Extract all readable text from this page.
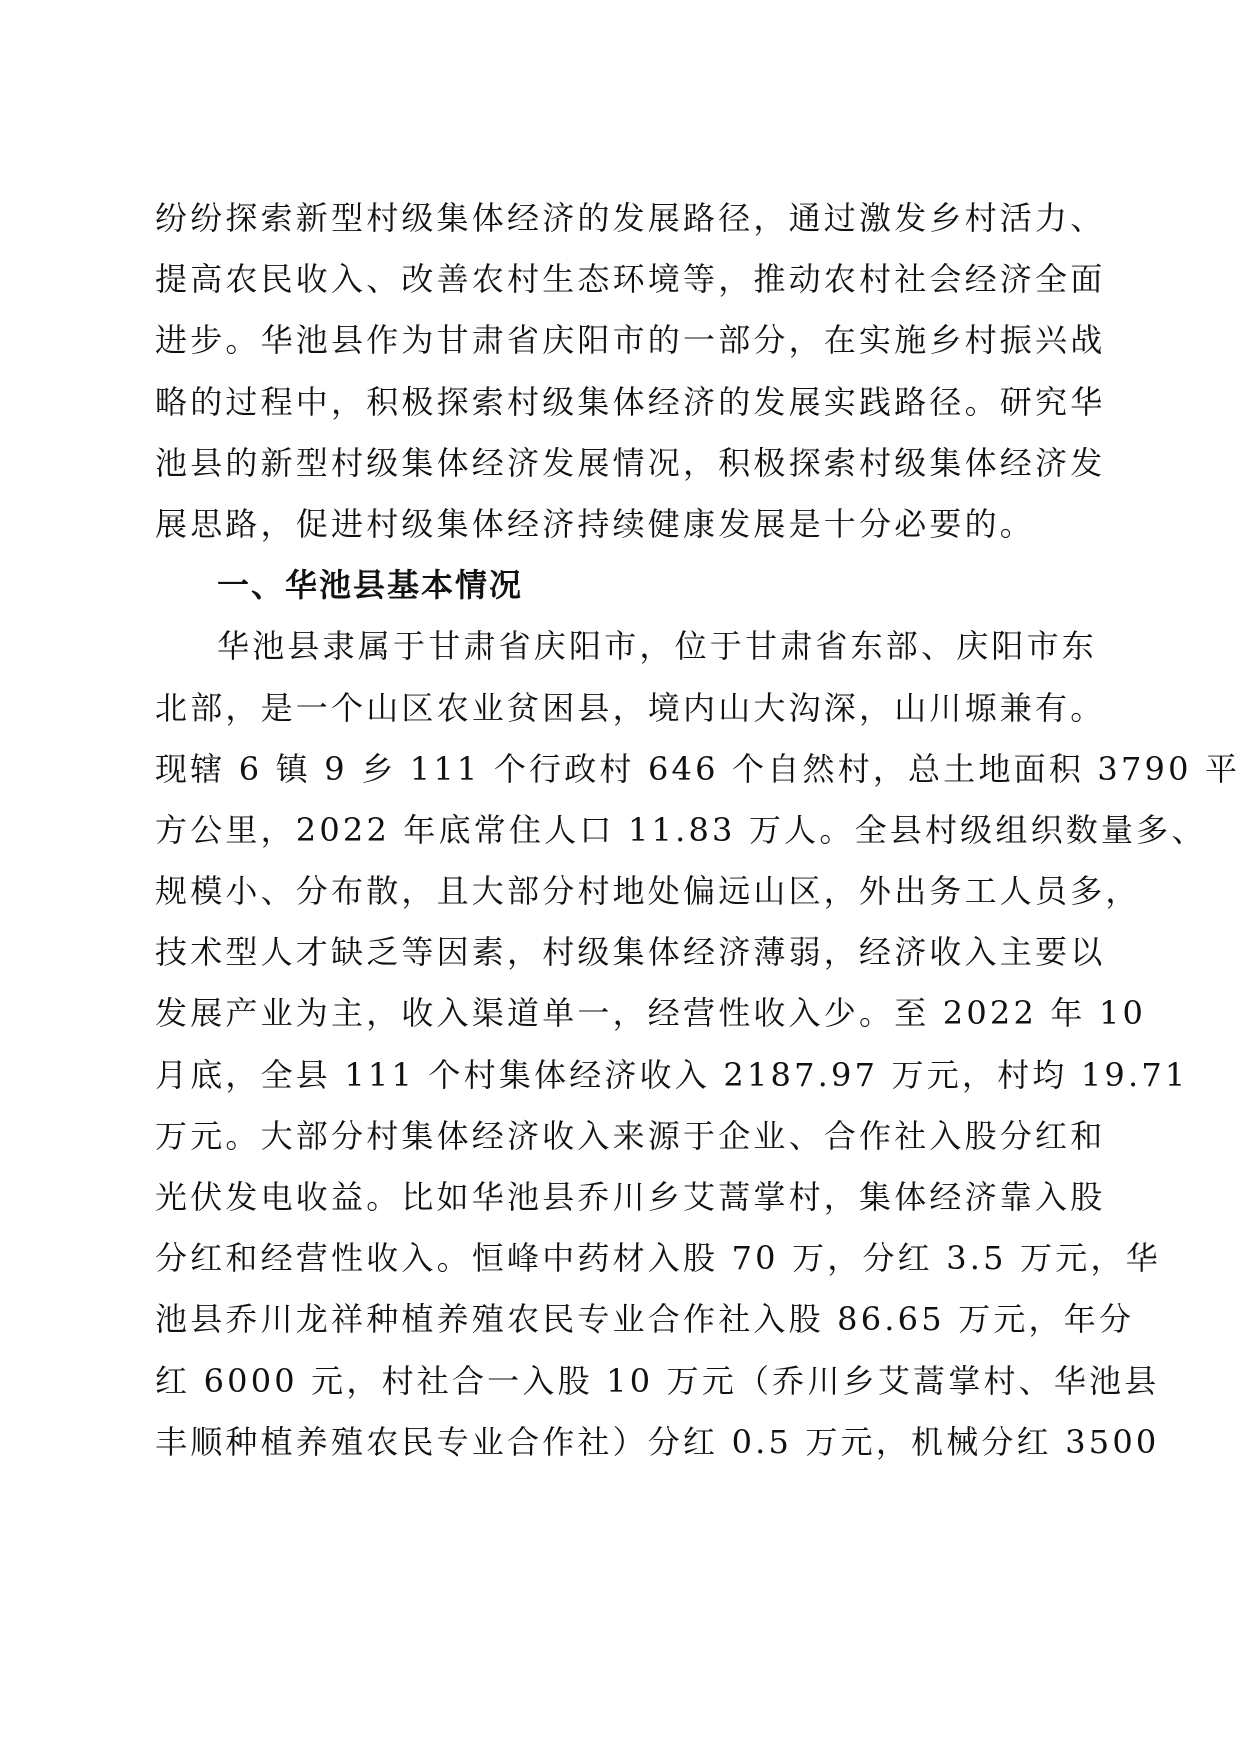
纷纷探索新型村级集体经济的发展路径，通过激发乡村活力、
提高农民收入、改善农村生态环境等，推动农村社会经济全面
进步。华池县作为甘肃省庆阳市的一部分，在实施乡村振兴战
略的过程中，积极探索村级集体经济的发展实践路径。研究华
池县的新型村级集体经济发展情况，积极探索村级集体经济发
展思路，促进村级集体经济持续健康发展是十分必要的。
一、华池县基本情况
华池县隶属于甘肃省庆阳市，位于甘肃省东部、庆阳市东
北部，是一个山区农业贫困县，境内山大沟深，山川塬兼有。
现辖 6 镇 9 乡 111 个行政村 646 个自然村，总土地面积 3790 平
方公里，2022 年底常住人口 11.83 万人。全县村级组织数量多、
规模小、分布散，且大部分村地处偏远山区，外出务工人员多，
技术型人才缺乏等因素，村级集体经济薄弱，经济收入主要以
发展产业为主，收入渠道单一，经营性收入少。至 2022 年 10
月底，全县 111 个村集体经济收入 2187.97 万元，村均 19.71
万元。大部分村集体经济收入来源于企业、合作社入股分红和
光伏发电收益。比如华池县乔川乡艾蒿掌村，集体经济靠入股
分红和经营性收入。恒峰中药材入股 70 万，分红 3.5 万元，华
池县乔川龙祥种植养殖农民专业合作社入股 86.65 万元，年分
红 6000 元，村社合一入股 10 万元（乔川乡艾蒿掌村、华池县
丰顺种植养殖农民专业合作社）分红 0.5 万元，机械分红 3500
